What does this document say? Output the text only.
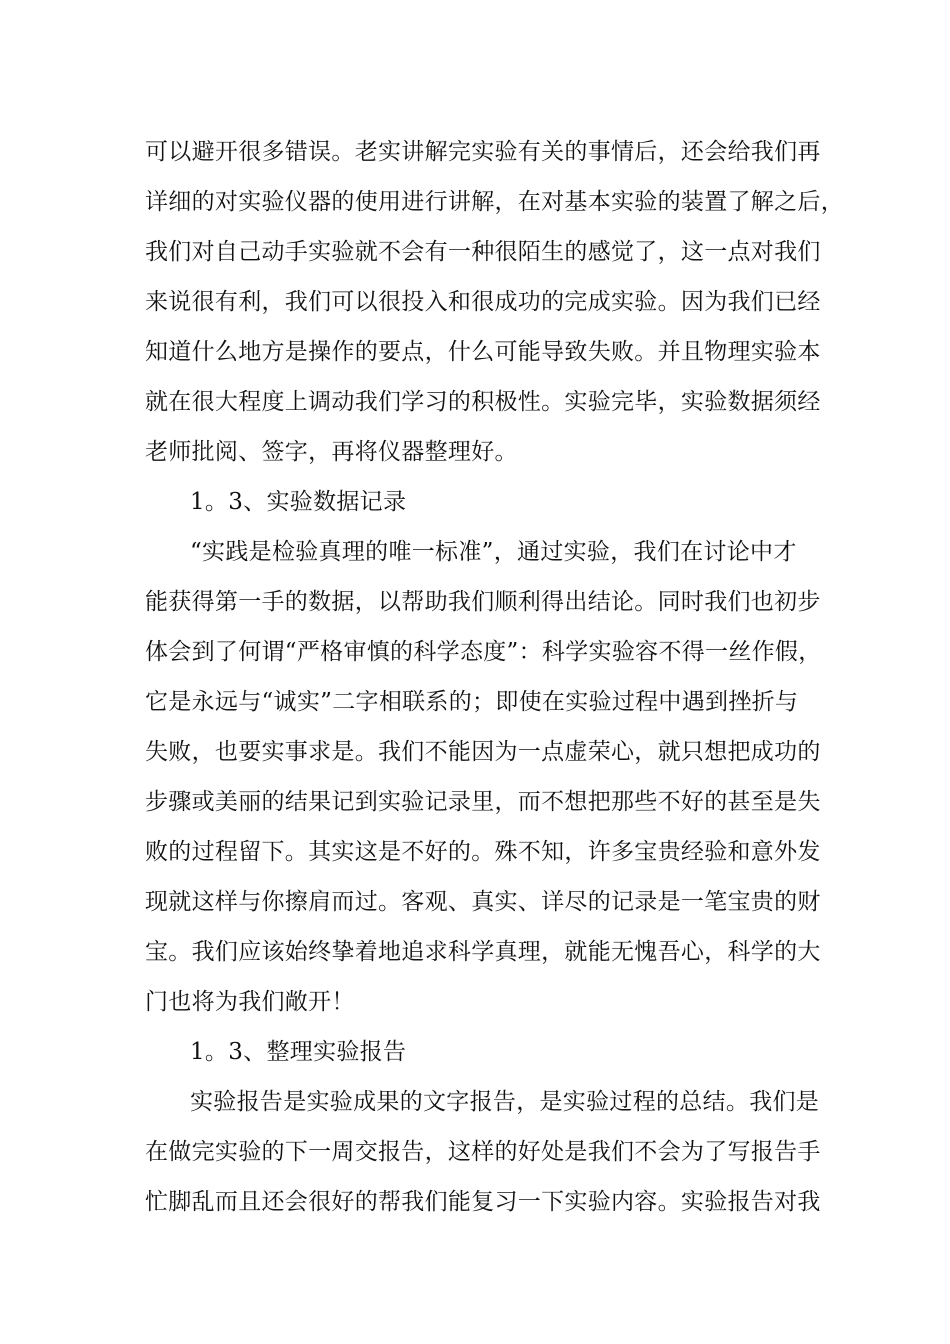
可以避开很多错误。老实讲解完实验有关的事情后，还会给我们再
详细的对实验仪器的使用进行讲解，在对基本实验的装置了解之后，
我们对自己动手实验就不会有一种很陌生的感觉了，这一点对我们
来说很有利，我们可以很投入和很成功的完成实验。因为我们已经
知道什么地方是操作的要点，什么可能导致失败。并且物理实验本
就在很大程度上调动我们学习的积极性。实验完毕，实验数据须经
老师批阅、签字，再将仪器整理好。
1。3、实验数据记录
“实践是检验真理的唯一标准”，通过实验，我们在讨论中才
能获得第一手的数据，以帮助我们顺利得出结论。同时我们也初步
体会到了何谓“严格审慎的科学态度”：科学实验容不得一丝作假，
它是永远与“诚实”二字相联系的；即使在实验过程中遇到挫折与
失败，也要实事求是。我们不能因为一点虚荣心，就只想把成功的
步骤或美丽的结果记到实验记录里，而不想把那些不好的甚至是失
败的过程留下。其实这是不好的。殊不知，许多宝贵经验和意外发
现就这样与你擦肩而过。客观、真实、详尽的记录是一笔宝贵的财
宝。我们应该始终挚着地追求科学真理，就能无愧吾心，科学的大
门也将为我们敞开！
1。3、整理实验报告
实验报告是实验成果的文字报告，是实验过程的总结。我们是
在做完实验的下一周交报告，这样的好处是我们不会为了写报告手
忙脚乱而且还会很好的帮我们能复习一下实验内容。实验报告对我
